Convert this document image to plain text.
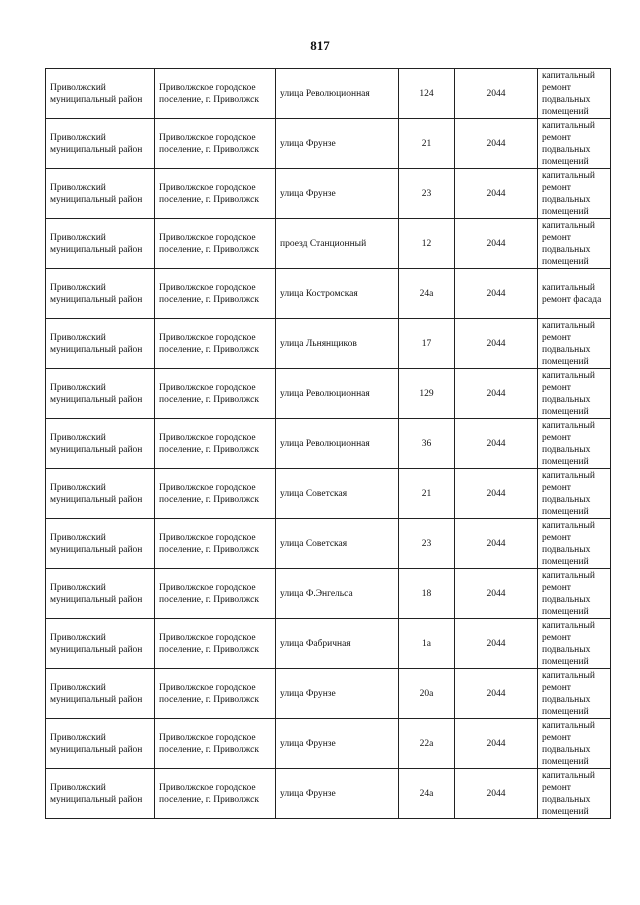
817
Приволжский муниципальный район	Приволжское городское поселение, г. Приволжск	улица Революционная	124	2044	капитальный ремонт подвальных помещений
Приволжский муниципальный район	Приволжское городское поселение, г. Приволжск	улица Фрунзе	21	2044	капитальный ремонт подвальных помещений
Приволжский муниципальный район	Приволжское городское поселение, г. Приволжск	улица Фрунзе	23	2044	капитальный ремонт подвальных помещений
Приволжский муниципальный район	Приволжское городское поселение, г. Приволжск	проезд Станционный	12	2044	капитальный ремонт подвальных помещений
Приволжский муниципальный район	Приволжское городское поселение, г. Приволжск	улица Костромская	24а	2044	капитальный ремонт фасада
Приволжский муниципальный район	Приволжское городское поселение, г. Приволжск	улица Льнянщиков	17	2044	капитальный ремонт подвальных помещений
Приволжский муниципальный район	Приволжское городское поселение, г. Приволжск	улица Революционная	129	2044	капитальный ремонт подвальных помещений
Приволжский муниципальный район	Приволжское городское поселение, г. Приволжск	улица Революционная	36	2044	капитальный ремонт подвальных помещений
Приволжский муниципальный район	Приволжское городское поселение, г. Приволжск	улица Советская	21	2044	капитальный ремонт подвальных помещений
Приволжский муниципальный район	Приволжское городское поселение, г. Приволжск	улица Советская	23	2044	капитальный ремонт подвальных помещений
Приволжский муниципальный район	Приволжское городское поселение, г. Приволжск	улица Ф.Энгельса	18	2044	капитальный ремонт подвальных помещений
Приволжский муниципальный район	Приволжское городское поселение, г. Приволжск	улица Фабричная	1а	2044	капитальный ремонт подвальных помещений
Приволжский муниципальный район	Приволжское городское поселение, г. Приволжск	улица Фрунзе	20а	2044	капитальный ремонт подвальных помещений
Приволжский муниципальный район	Приволжское городское поселение, г. Приволжск	улица Фрунзе	22а	2044	капитальный ремонт подвальных помещений
Приволжский муниципальный район	Приволжское городское поселение, г. Приволжск	улица Фрунзе	24а	2044	капитальный ремонт подвальных помещений
